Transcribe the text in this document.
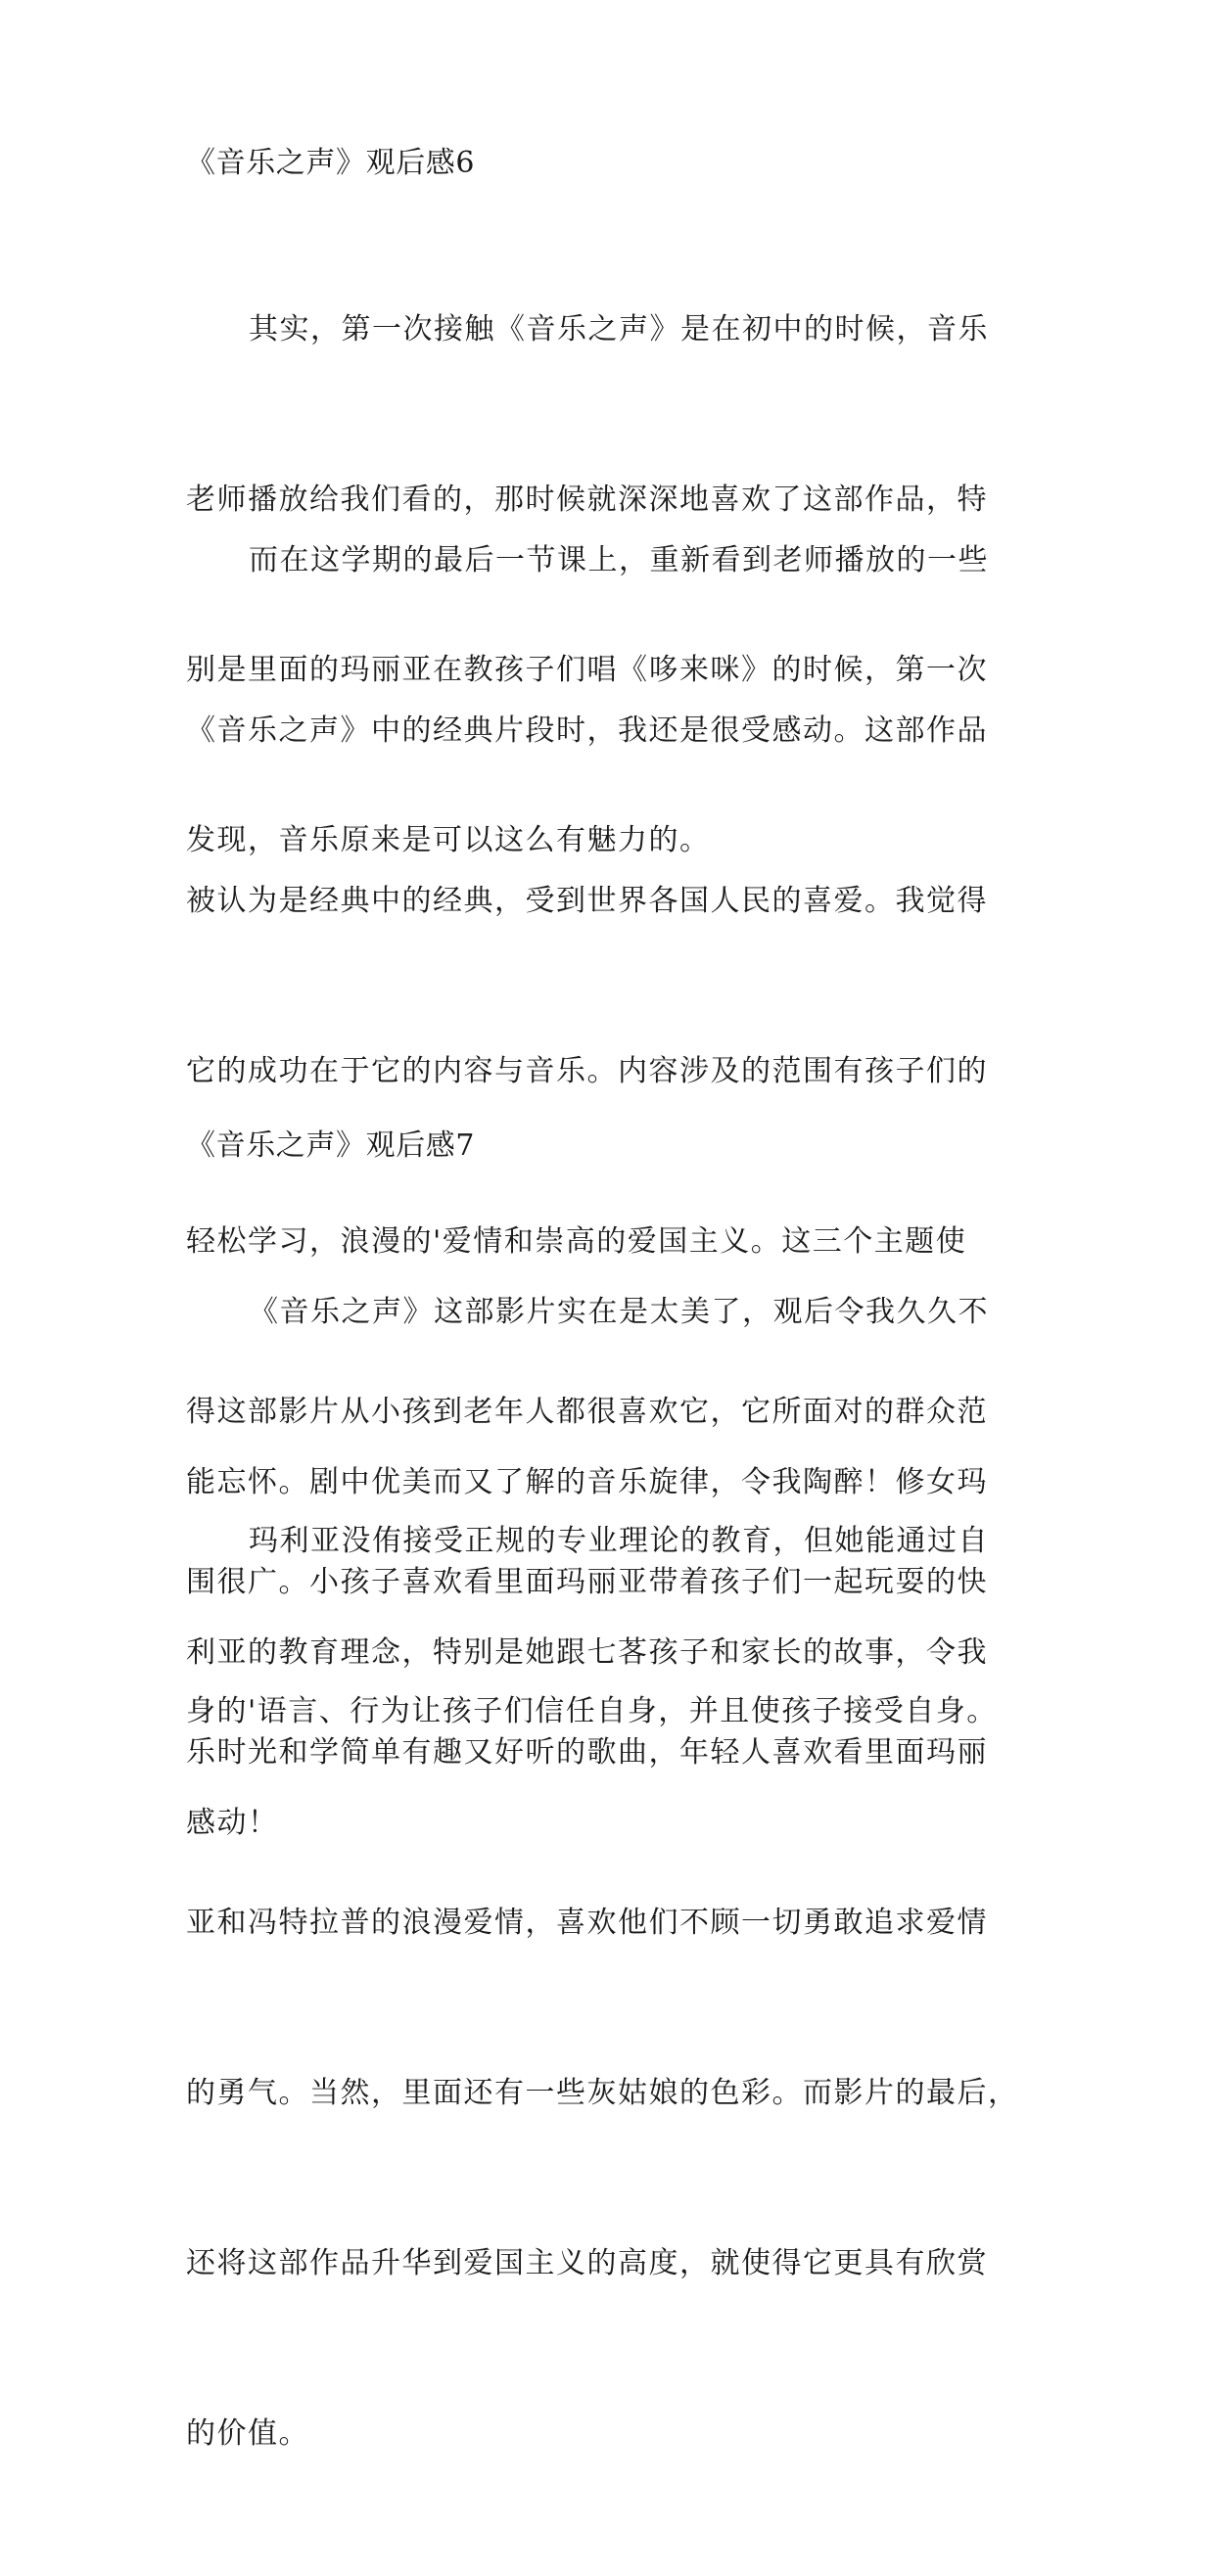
《音乐之声》观后感6

其实，第一次接触《音乐之声》是在初中的时候，音乐

老师播放给我们看的，那时候就深深地喜欢了这部作品，特

别是里面的玛丽亚在教孩子们唱《哆来咪》的时候，第一次

发现，音乐原来是可以这么有魅力的。

而在这学期的最后一节课上，重新看到老师播放的一些

《音乐之声》中的经典片段时，我还是很受感动。这部作品

被认为是经典中的经典，受到世界各国人民的喜爱。我觉得

它的成功在于它的内容与音乐。内容涉及的范围有孩子们的

轻松学习，浪漫的'爱情和崇高的爱国主义。这三个主题使

得这部影片从小孩到老年人都很喜欢它，它所面对的群众范

围很广。小孩子喜欢看里面玛丽亚带着孩子们一起玩耍的快

乐时光和学简单有趣又好听的歌曲，年轻人喜欢看里面玛丽

亚和冯特拉普的浪漫爱情，喜欢他们不顾一切勇敢追求爱情

的勇气。当然，里面还有一些灰姑娘的色彩。而影片的最后，

还将这部作品升华到爱国主义的高度，就使得它更具有欣赏

的价值。

《音乐之声》观后感7

《音乐之声》这部影片实在是太美了，观后令我久久不

能忘怀。剧中优美而又了解的音乐旋律，令我陶醉！修女玛

利亚的教育理念，特别是她跟七茖孩子和家长的故事，令我

感动！

玛利亚没侑接受正规的专业理论的教育，但她能通过自

身的'语言、行为让孩子们信任自身，并且使孩子接受自身。
